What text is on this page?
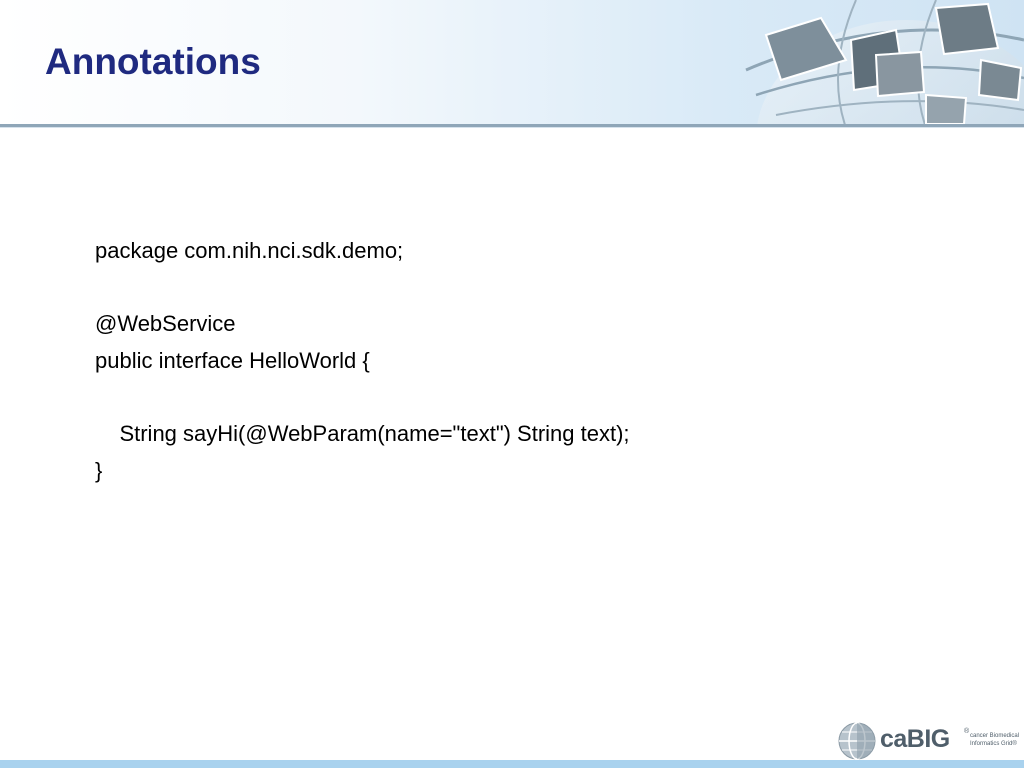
Annotations
package com.nih.nci.sdk.demo;
@WebService
public interface HelloWorld {
String sayHi(@WebParam(name="text") String text);
}
caBIG ®
cancer Biomedical Informatics Grid®
